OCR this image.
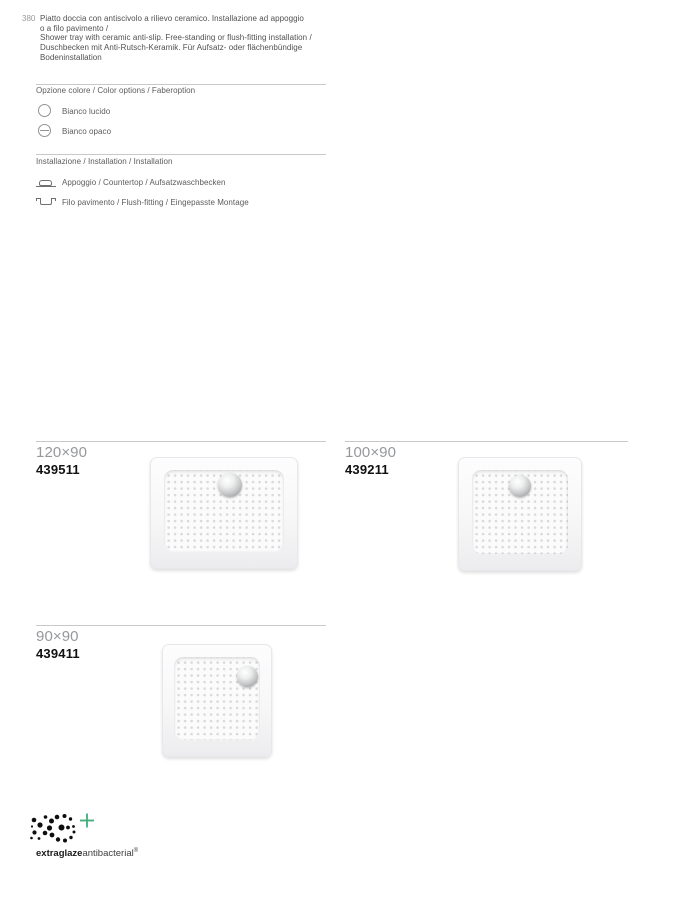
380 Piatto doccia con antiscivolo a rilievo ceramico. Installazione ad appoggio
o a filo pavimento /
Shower tray with ceramic anti-slip. Free-standing or flush-fitting installation /
Duschbecken mit Anti-Rutsch-Keramik. Für Aufsatz- oder flächenbündige
Bodeninstallation
Opzione colore / Color options / Faberoption
Bianco lucido
Bianco opaco
Installazione / Installation / Installation
Appoggio / Countertop / Aufsatzwaschbecken
Filo pavimento / Flush-fitting / Eingepasste Montage
120×90
439511
100×90
439211
90×90
439411
extraglazeantibacterial®
